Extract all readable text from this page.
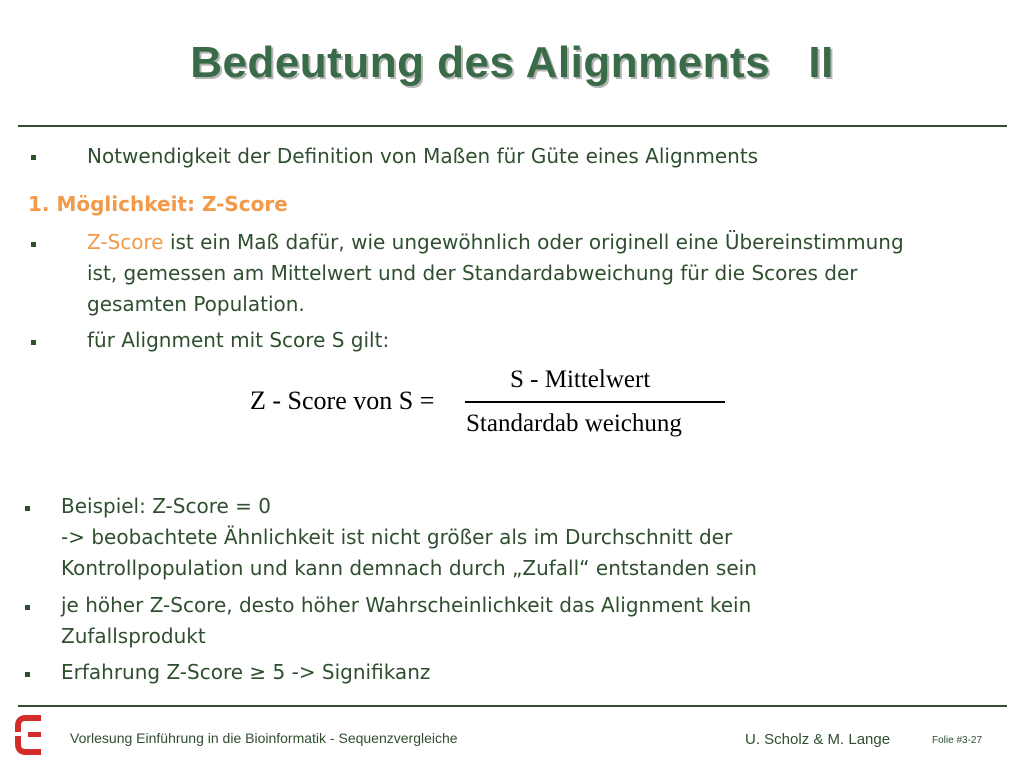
Bedeutung des Alignments   II
Notwendigkeit der Definition von Maßen für Güte eines Alignments
1. Möglichkeit: Z-Score
Z-Score ist ein Maß dafür, wie ungewöhnlich oder originell eine Übereinstimmung
ist, gemessen am Mittelwert und der Standardabweichung für die Scores der
gesamten Population.
für Alignment mit Score S gilt:
Z - Score von S =
S - Mittelwert
Standardab weichung
Beispiel: Z-Score = 0
-> beobachtete Ähnlichkeit ist nicht größer als im Durchschnitt der
Kontrollpopulation und kann demnach durch „Zufall“ entstanden sein
je höher Z-Score, desto höher Wahrscheinlichkeit das Alignment kein
Zufallsprodukt
Erfahrung Z-Score ≥ 5 -> Signifikanz
Vorlesung Einführung in die Bioinformatik - Sequenzvergleiche	U. Scholz & M. Lange	Folie #3-27
